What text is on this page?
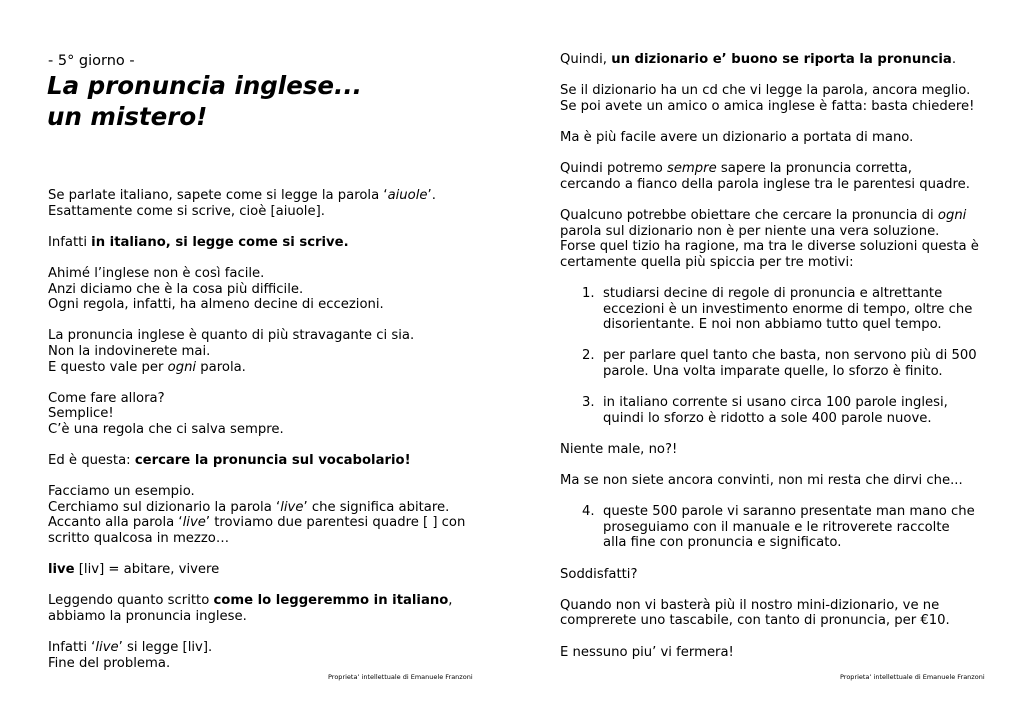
- 5° giorno -
La pronuncia inglese...
un mistero!

Se parlate italiano, sapete come si legge la parola ‘aiuole’.
Esattamente come si scrive, cioè [aiuole].

Infatti in italiano, si legge come si scrive.

Ahimé l’inglese non è così facile.
Anzi diciamo che è la cosa più difficile.
Ogni regola, infatti, ha almeno decine di eccezioni.

La pronuncia inglese è quanto di più stravagante ci sia.
Non la indovinerete mai.
E questo vale per ogni parola.

Come fare allora?
Semplice!
C’è una regola che ci salva sempre.

Ed è questa: cercare la pronuncia sul vocabolario!

Facciamo un esempio.
Cerchiamo sul dizionario la parola ‘live’ che significa abitare.
Accanto alla parola ‘live’ troviamo due parentesi quadre [ ] con
scritto qualcosa in mezzo…

live [liv] = abitare, vivere

Leggendo quanto scritto come lo leggeremmo in italiano,
abbiamo la pronuncia inglese.

Infatti ‘live’ si legge [liv].
Fine del problema.

Proprieta’ intellettuale di Emanuele Franzoni

Quindi, un dizionario e’ buono se riporta la pronuncia.

Se il dizionario ha un cd che vi legge la parola, ancora meglio.
Se poi avete un amico o amica inglese è fatta: basta chiedere!

Ma è più facile avere un dizionario a portata di mano.

Quindi potremo sempre sapere la pronuncia corretta,
cercando a fianco della parola inglese tra le parentesi quadre.

Qualcuno potrebbe obiettare che cercare la pronuncia di ogni
parola sul dizionario non è per niente una vera soluzione.
Forse quel tizio ha ragione, ma tra le diverse soluzioni questa è
certamente quella più spiccia per tre motivi:

1. studiarsi decine di regole di pronuncia e altrettante
eccezioni è un investimento enorme di tempo, oltre che
disorientante. E noi non abbiamo tutto quel tempo.
2. per parlare quel tanto che basta, non servono più di 500
parole. Una volta imparate quelle, lo sforzo è finito.
3. in italiano corrente si usano circa 100 parole inglesi,
quindi lo sforzo è ridotto a sole 400 parole nuove.

Niente male, no?!

Ma se non siete ancora convinti, non mi resta che dirvi che...

4. queste 500 parole vi saranno presentate man mano che
proseguiamo con il manuale e le ritroverete raccolte
alla fine con pronuncia e significato.

Soddisfatti?

Quando non vi basterà più il nostro mini-dizionario, ve ne
comprerete uno tascabile, con tanto di pronuncia, per €10.

E nessuno piu’ vi fermera!

Proprieta’ intellettuale di Emanuele Franzoni
